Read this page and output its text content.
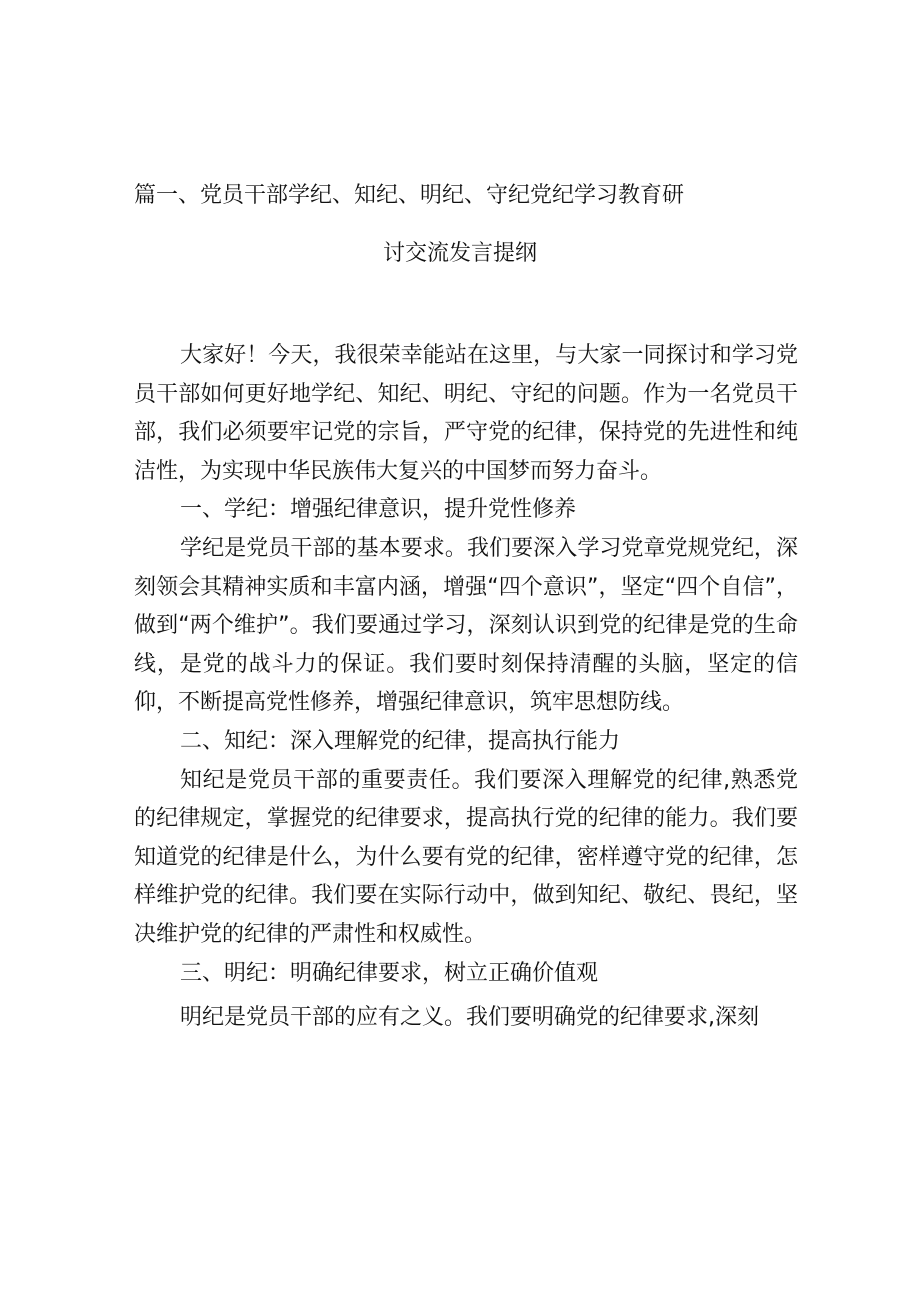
篇一、党员干部学纪、知纪、明纪、守纪党纪学习教育研
讨交流发言提纲

大家好！今天，我很荣幸能站在这里，与大家一同探讨和学习党员干部如何更好地学纪、知纪、明纪、守纪的问题。作为一名党员干部，我们必须要牢记党的宗旨，严守党的纪律，保持党的先进性和纯洁性，为实现中华民族伟大复兴的中国梦而努力奋斗。

一、学纪：增强纪律意识，提升党性修养

学纪是党员干部的基本要求。我们要深入学习党章党规党纪，深刻领会其精神实质和丰富内涵，增强“四个意识”，坚定“四个自信”，做到“两个维护”。我们要通过学习，深刻认识到党的纪律是党的生命线，是党的战斗力的保证。我们要时刻保持清醒的头脑，坚定的信仰，不断提高党性修养，增强纪律意识，筑牢思想防线。

二、知纪：深入理解党的纪律，提高执行能力

知纪是党员干部的重要责任。我们要深入理解党的纪律,熟悉党的纪律规定，掌握党的纪律要求，提高执行党的纪律的能力。我们要知道党的纪律是什么，为什么要有党的纪律，密样遵守党的纪律，怎样维护党的纪律。我们要在实际行动中，做到知纪、敬纪、畏纪，坚决维护党的纪律的严肃性和权威性。

三、明纪：明确纪律要求，树立正确价值观

明纪是党员干部的应有之义。我们要明确党的纪律要求,深刻
